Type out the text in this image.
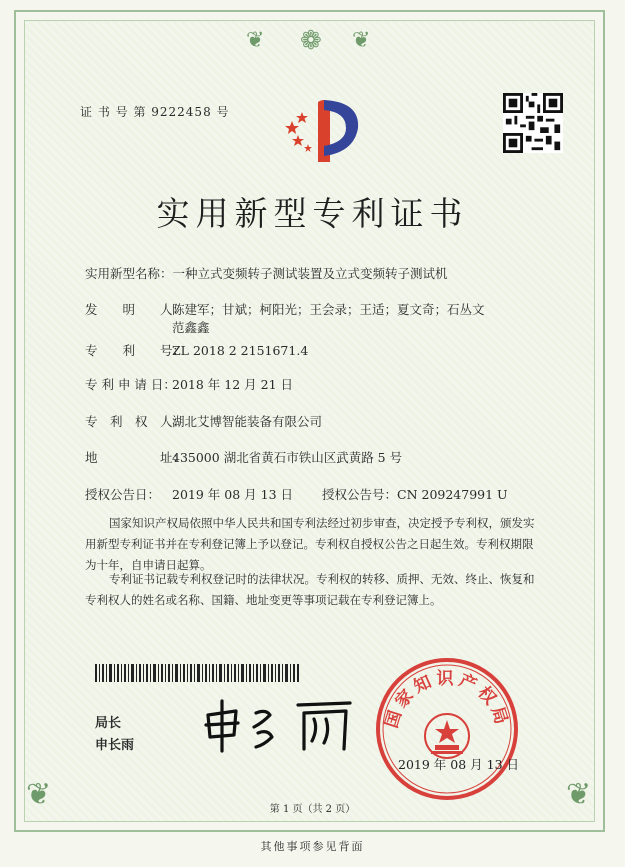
❦ ❁ ❦
❦	❦
证 书 号 第 9222458 号
实用新型专利证书
实用新型名称：一种立式变频转子测试装置及立式变频转子测试机
发　　明　　人：陈建军；甘斌；柯阳光；王会录；王适；夏文奇；石丛文
范鑫鑫
专　　利　　号：ZL 2018 2 2151671.4
专 利 申 请 日：2018 年 12 月 21 日
专　利　权　人：湖北艾博智能装备有限公司
地　　　　　址：435000 湖北省黄石市铁山区武黄路 5 号
授权公告日： 2019 年 08 月 13 日 授权公告号：CN 209247991 U
国家知识产权局依照中华人民共和国专利法经过初步审查，决定授予专利权，颁发实用新型专利证书并在专利登记簿上予以登记。专利权自授权公告之日起生效。专利权期限为十年，自申请日起算。
专利证书记载专利权登记时的法律状况。专利权的转移、质押、无效、终止、恢复和专利权人的姓名或名称、国籍、地址变更等事项记载在专利登记簿上。
局长
申长雨
国家知识产权局
2019 年 08 月 13 日
第 1 页（共 2 页）
其他事项参见背面
